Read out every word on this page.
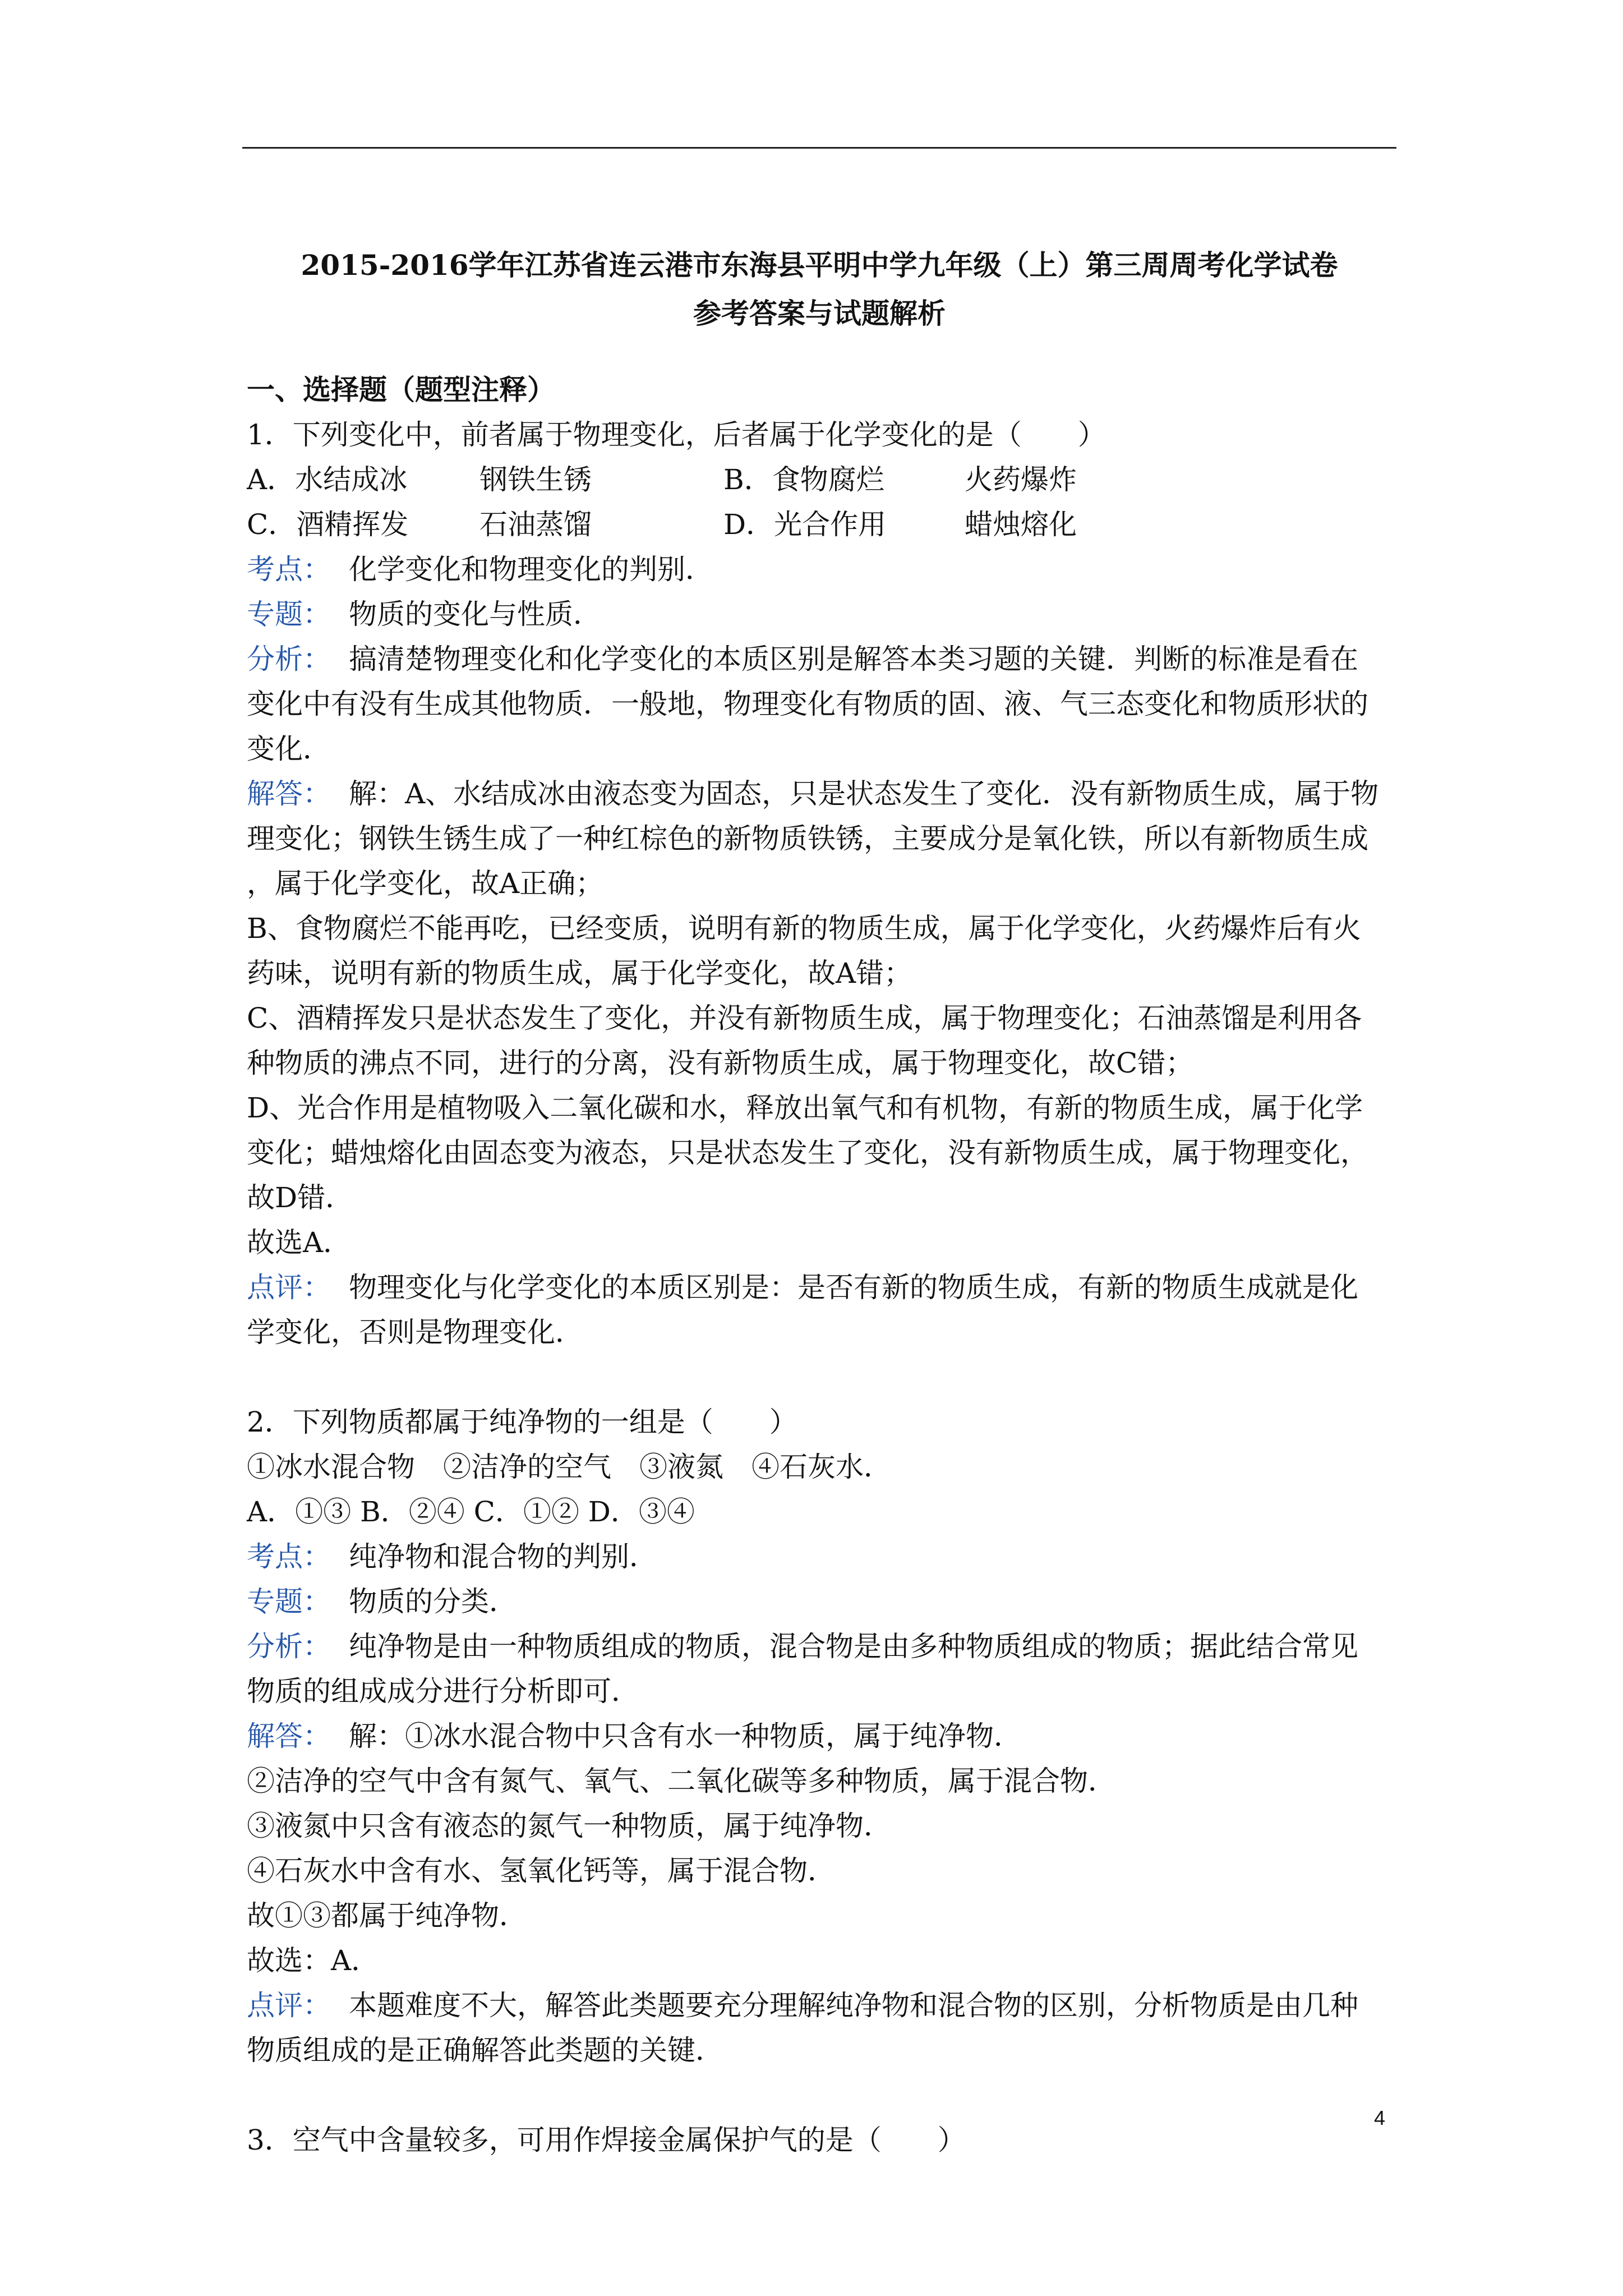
2015-2016学年江苏省连云港市东海县平明中学九年级（上）第三周周考化学试卷
参考答案与试题解析
一、选择题（题型注释）
1．下列变化中，前者属于物理变化，后者属于化学变化的是（　　）
A．水结成冰	钢铁生锈	B．食物腐烂	火药爆炸
C．酒精挥发	石油蒸馏	D．光合作用	蜡烛熔化
考点： 化学变化和物理变化的判别．
专题： 物质的变化与性质．
分析： 搞清楚物理变化和化学变化的本质区别是解答本类习题的关键．判断的标准是看在
变化中有没有生成其他物质．一般地，物理变化有物质的固、液、气三态变化和物质形状的
变化．
解答： 解：A、水结成冰由液态变为固态，只是状态发生了变化．没有新物质生成，属于物
理变化；钢铁生锈生成了一种红棕色的新物质铁锈，主要成分是氧化铁，所以有新物质生成
，属于化学变化，故A正确；
B、食物腐烂不能再吃，已经变质，说明有新的物质生成，属于化学变化，火药爆炸后有火
药味，说明有新的物质生成，属于化学变化，故A错；
C、酒精挥发只是状态发生了变化，并没有新物质生成，属于物理变化；石油蒸馏是利用各
种物质的沸点不同，进行的分离，没有新物质生成，属于物理变化，故C错；
D、光合作用是植物吸入二氧化碳和水，释放出氧气和有机物，有新的物质生成，属于化学
变化；蜡烛熔化由固态变为液态，只是状态发生了变化，没有新物质生成，属于物理变化，
故D错．
故选A．
点评： 物理变化与化学变化的本质区别是：是否有新的物质生成，有新的物质生成就是化
学变化，否则是物理变化．
2．下列物质都属于纯净物的一组是（　　）
①冰水混合物　②洁净的空气　③液氮　④石灰水．
A．①③ B．②④ C．①② D．③④
考点： 纯净物和混合物的判别．
专题： 物质的分类．
分析： 纯净物是由一种物质组成的物质，混合物是由多种物质组成的物质；据此结合常见
物质的组成成分进行分析即可．
解答： 解：①冰水混合物中只含有水一种物质，属于纯净物．
②洁净的空气中含有氮气、氧气、二氧化碳等多种物质，属于混合物．
③液氮中只含有液态的氮气一种物质，属于纯净物．
④石灰水中含有水、氢氧化钙等，属于混合物．
故①③都属于纯净物．
故选：A．
点评： 本题难度不大，解答此类题要充分理解纯净物和混合物的区别，分析物质是由几种
物质组成的是正确解答此类题的关键．
3．空气中含量较多，可用作焊接金属保护气的是（　　）
4
